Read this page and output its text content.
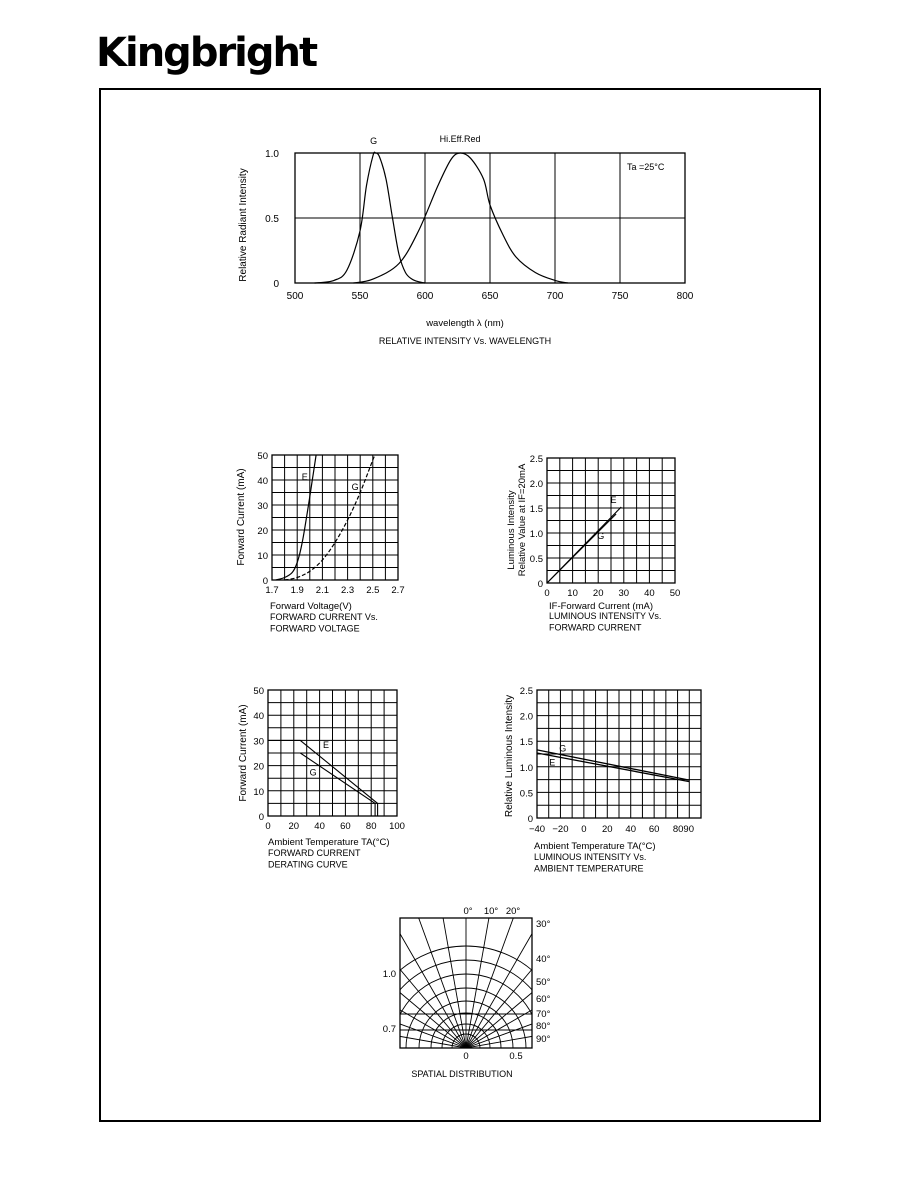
Kingbright
500	550	600	650	700	750	800
0
0.5
1.0
G	Hi.Eff.Red
Ta =25°C
wavelength λ (nm)
RELATIVE INTENSITY Vs. WAVELENGTH
Relative Radiant Intensity
1.7 1.9 2.1 2.3 2.5 2.7
0
10
20
30
40
50
E
G
Forward Voltage(V)
FORWARD CURRENT Vs.
FORWARD VOLTAGE
Forward Current (mA)
0 10 20 30 40 50
0
0.5
1.0
1.5
2.0
2.5
E
G
IF-Forward Current (mA)
LUMINOUS INTENSITY Vs.
FORWARD CURRENT
Luminous Intensity Relative Value at IF=20mA
0 20 40 60 80 100
0
10
20
30
40
50
E
G
Ambient Temperature TA(°C)
FORWARD CURRENT
DERATING CURVE
Forward Current (mA)
−40 −20 0 20 40 60 8090
0
0.5
1.0
1.5
2.0
2.5
G
E
Ambient Temperature TA(°C)
LUMINOUS INTENSITY Vs.
AMBIENT TEMPERATURE
Relative Luminous Intensity
0° 10° 20°
30°
40°
50°
60°
70°
80°
90°
1.0
0.7
0	0.5
SPATIAL DISTRIBUTION
